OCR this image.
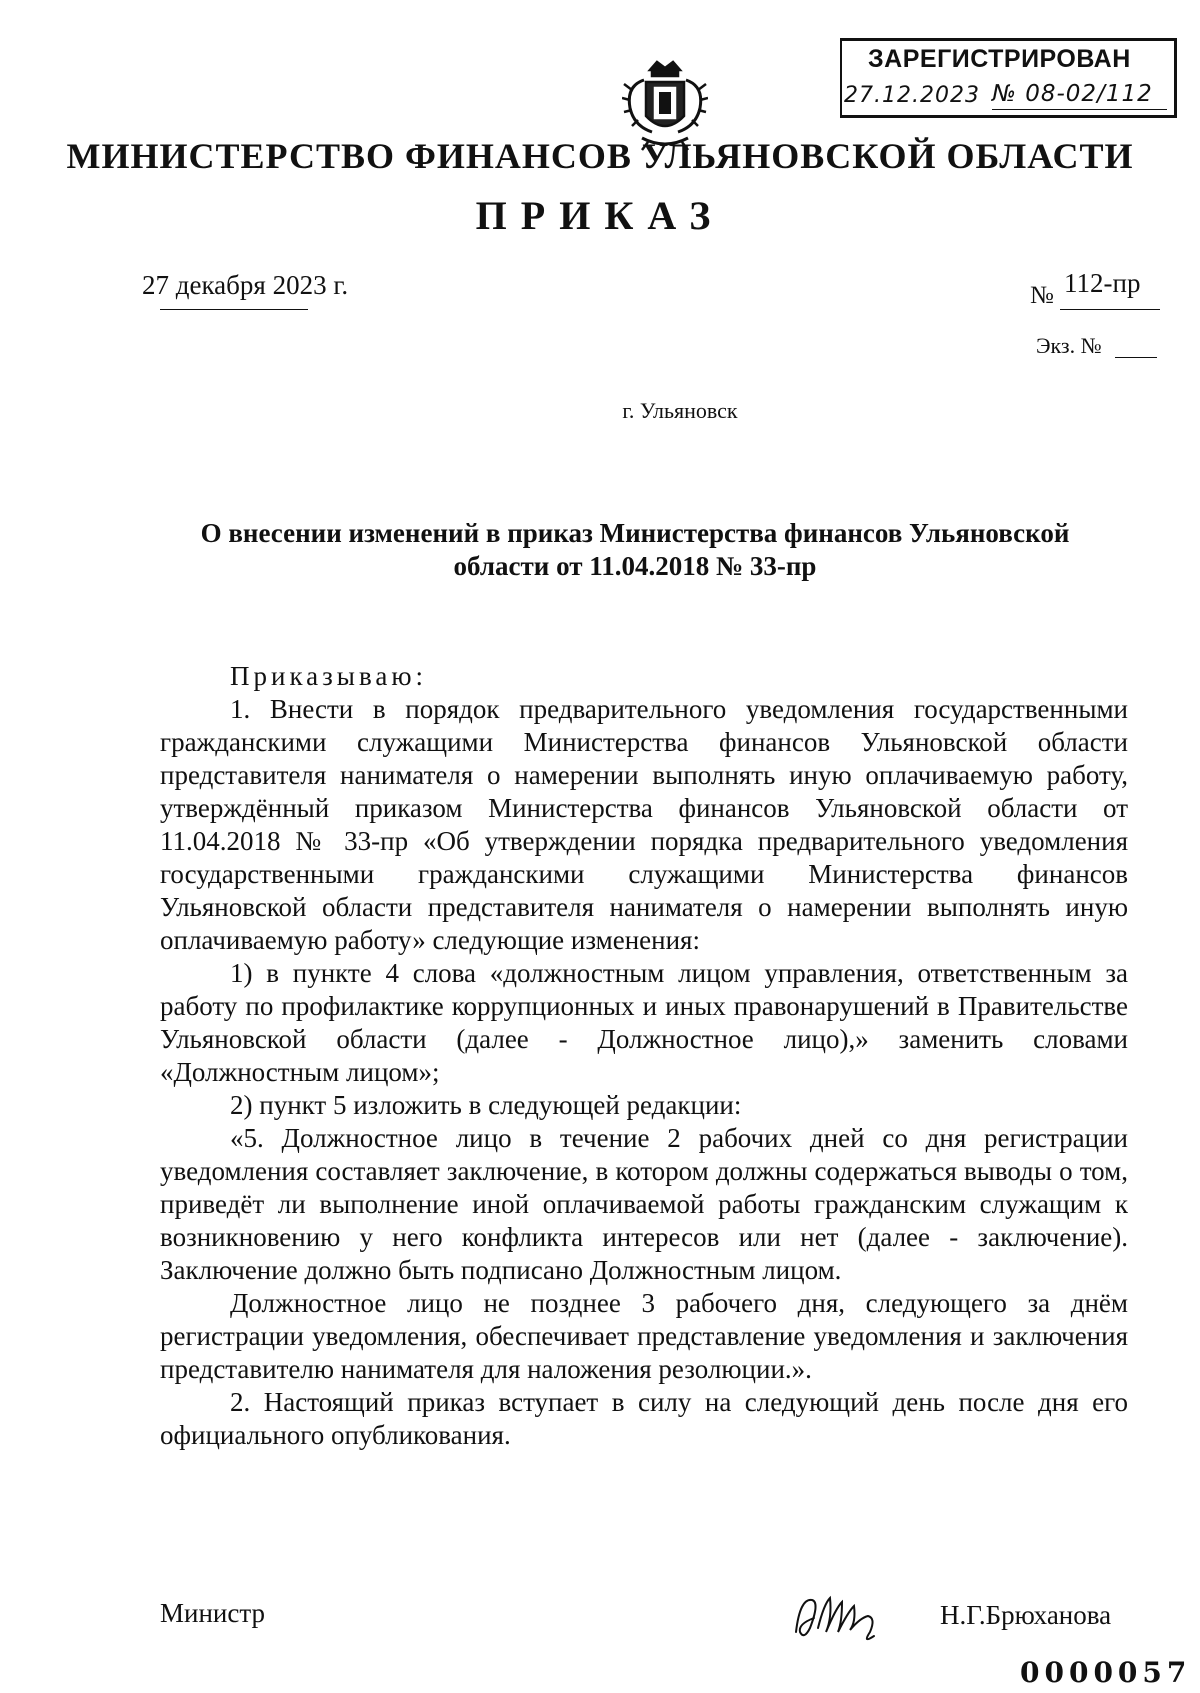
ЗАРЕГИСТРИРОВАН
27.12.2023 № 08-02/112
МИНИСТЕРСТВО ФИНАНСОВ УЛЬЯНОВСКОЙ ОБЛАСТИ
ПРИКАЗ
27 декабря 2023 г.	№ 112-пр
Экз. №
г. Ульяновск
О внесении изменений в приказ Министерства финансов Ульяновской области от 11.04.2018 № 33-пр

Приказываю:

1. Внести в порядок предварительного уведомления государственными гражданскими служащими Министерства финансов Ульяновской области представителя нанимателя о намерении выполнять иную оплачиваемую работу, утверждённый приказом Министерства финансов Ульяновской области от 11.04.2018 № 33-пр «Об утверждении порядка предварительного уведомления государственными гражданскими служащими Министерства финансов Ульяновской области представителя нанимателя о намерении выполнять иную оплачиваемую работу» следующие изменения:

1) в пункте 4 слова «должностным лицом управления, ответственным за работу по профилактике коррупционных и иных правонарушений в Правительстве Ульяновской области (далее - Должностное лицо),» заменить словами «Должностным лицом»;

2) пункт 5 изложить в следующей редакции:

«5. Должностное лицо в течение 2 рабочих дней со дня регистрации уведомления составляет заключение, в котором должны содержаться выводы о том, приведёт ли выполнение иной оплачиваемой работы гражданским служащим к возникновению у него конфликта интересов или нет (далее - заключение). Заключение должно быть подписано Должностным лицом.

Должностное лицо не позднее 3 рабочего дня, следующего за днём регистрации уведомления, обеспечивает представление уведомления и заключения представителю нанимателя для наложения резолюции.».

2. Настоящий приказ вступает в силу на следующий день после дня его официального опубликования.

Министр	Н.Г.Брюханова
0000057
